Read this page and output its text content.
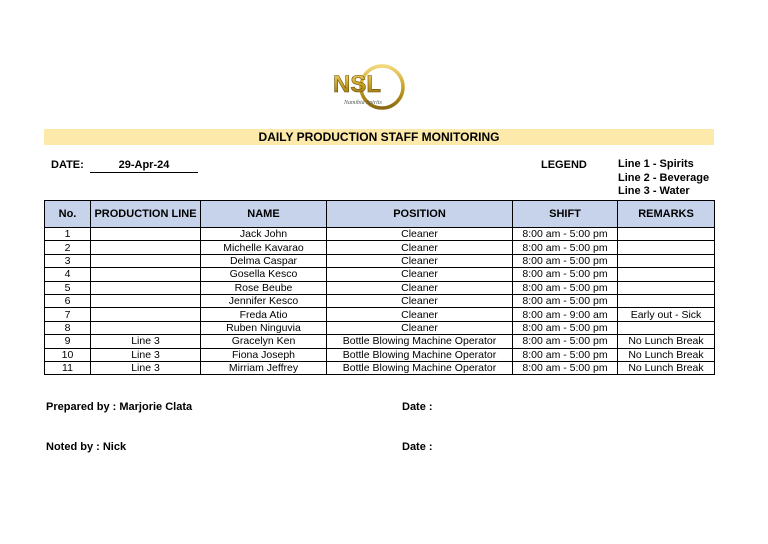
NSL
Namibia Spirits
DAILY PRODUCTION STAFF MONITORING
DATE:	29-Apr-24	LEGEND	Line 1 - Spirits
Line 2 - Beverage
Line 3 - Water
No.	PRODUCTION LINE	NAME	POSITION	SHIFT	REMARKS
1		Jack John	Cleaner	8:00 am - 5:00 pm	
2		Michelle Kavarao	Cleaner	8:00 am - 5:00 pm	
3		Delma Caspar	Cleaner	8:00 am - 5:00 pm	
4		Gosella Kesco	Cleaner	8:00 am - 5:00 pm	
5		Rose Beube	Cleaner	8:00 am - 5:00 pm	
6		Jennifer Kesco	Cleaner	8:00 am - 5:00 pm	
7		Freda Atio	Cleaner	8:00 am - 9:00 am	Early out - Sick
8		Ruben Ninguvia	Cleaner	8:00 am - 5:00 pm	
9	Line 3	Gracelyn Ken	Bottle Blowing Machine Operator	8:00 am - 5:00 pm	No Lunch Break
10	Line 3	Fiona Joseph	Bottle Blowing Machine Operator	8:00 am - 5:00 pm	No Lunch Break
11	Line 3	Mirriam Jeffrey	Bottle Blowing Machine Operator	8:00 am - 5:00 pm	No Lunch Break
Prepared by : Marjorie Clata	Date :
Noted by : Nick	Date :
